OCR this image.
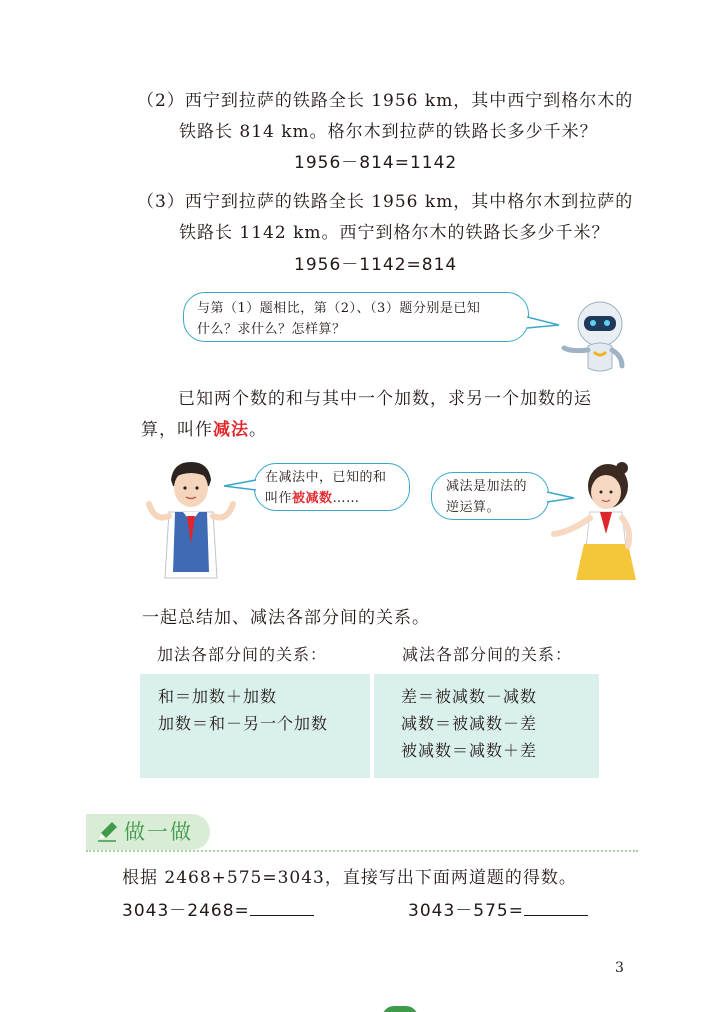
（2）西宁到拉萨的铁路全长 1956 km，其中西宁到格尔木的
铁路长 814 km。格尔木到拉萨的铁路长多少千米？
1956－814=1142
（3）西宁到拉萨的铁路全长 1956 km，其中格尔木到拉萨的
铁路长 1142 km。西宁到格尔木的铁路长多少千米？
1956－1142=814
与第（1）题相比，第（2）、（3）题分别是已知
什么？求什么？怎样算？
已知两个数的和与其中一个加数，求另一个加数的运
算，叫作减法。
在减法中，已知的和
叫作被减数……
减法是加法的
逆运算。
一起总结加、减法各部分间的关系。
加法各部分间的关系：	减法各部分间的关系：
和＝加数＋加数
加数＝和－另一个加数
差＝被减数－减数
减数＝被减数－差
被减数＝减数＋差
做一做
根据 2468+575=3043，直接写出下面两道题的得数。
3043－2468=	3043－575=
3
